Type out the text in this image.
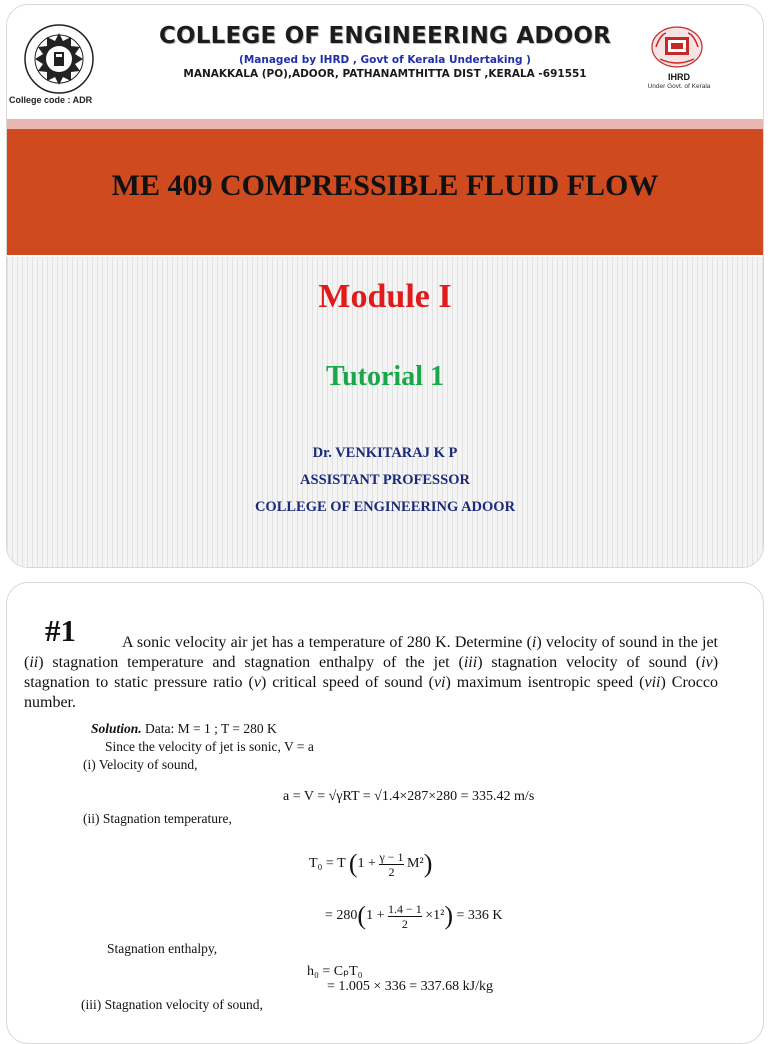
College code : ADR
COLLEGE OF ENGINEERING ADOOR
(Managed by IHRD , Govt of Kerala Undertaking )
MANAKKALA (PO),ADOOR, PATHANAMTHITTA DIST ,KERALA -691551	IHRD
Under Govt. of Kerala
ME 409 COMPRESSIBLE FLUID FLOW
Module I
Tutorial 1
Dr. VENKITARAJ K P
ASSISTANT PROFESSOR
COLLEGE OF ENGINEERING ADOOR
#1	A sonic velocity air jet has a temperature of 280 K. Determine (i) velocity of sound in the jet (ii) stagnation temperature and stagnation enthalpy of the jet (iii) stagnation velocity of sound (iv) stagnation to static pressure ratio (v) critical speed of sound (vi) maximum isentropic speed (vii) Crocco number.
Solution. Data: M = 1 ; T = 280 K
Since the velocity of jet is sonic, V = a
(i) Velocity of sound,
a = V = √γRT = √1.4×287×280 = 335.42 m/s
(ii) Stagnation temperature,
T₀ = T $(1 + \frac{\gamma - 1}{2} M^2)$
= $280(1 + \frac{1.4 - 1}{2} \times 1^2) = 336$ K
Stagnation enthalpy,
h₀ = CₚT₀
= 1.005 × 336 = 337.68 kJ/kg
(iii) Stagnation velocity of sound,
